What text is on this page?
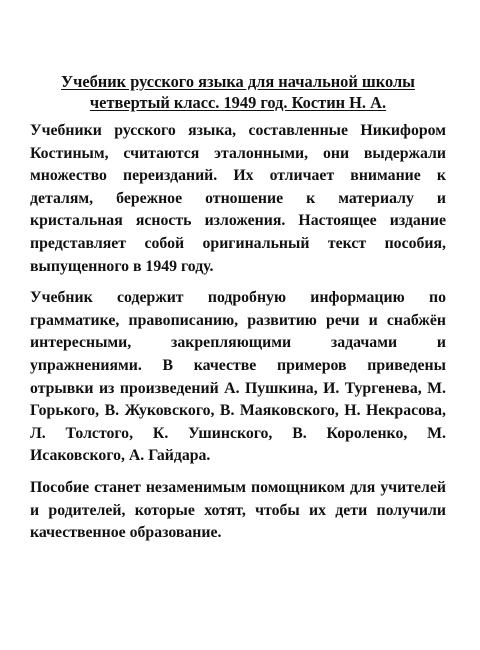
Учебник русского языка для начальной школы
четвертый класс. 1949 год. Костин Н. А.

Учебники русского языка, составленные Никифором Костиным, считаются эталонными, они выдержали множество переизданий. Их отличает внимание к деталям, бережное отношение к материалу и кристальная ясность изложения. Настоящее издание представляет собой оригинальный текст пособия, выпущенного в 1949 году.

Учебник содержит подробную информацию по грамматике, правописанию, развитию речи и снабжён интересными, закрепляющими задачами и упражнениями. В качестве примеров приведены отрывки из произведений А. Пушкина, И. Тургенева, М. Горького, В. Жуковского, В. Маяковского, Н. Некрасова, Л. Толстого, К. Ушинского, В. Короленко, М. Исаковского, А. Гайдара.

Пособие станет незаменимым помощником для учителей и родителей, которые хотят, чтобы их дети получили качественное образование.
